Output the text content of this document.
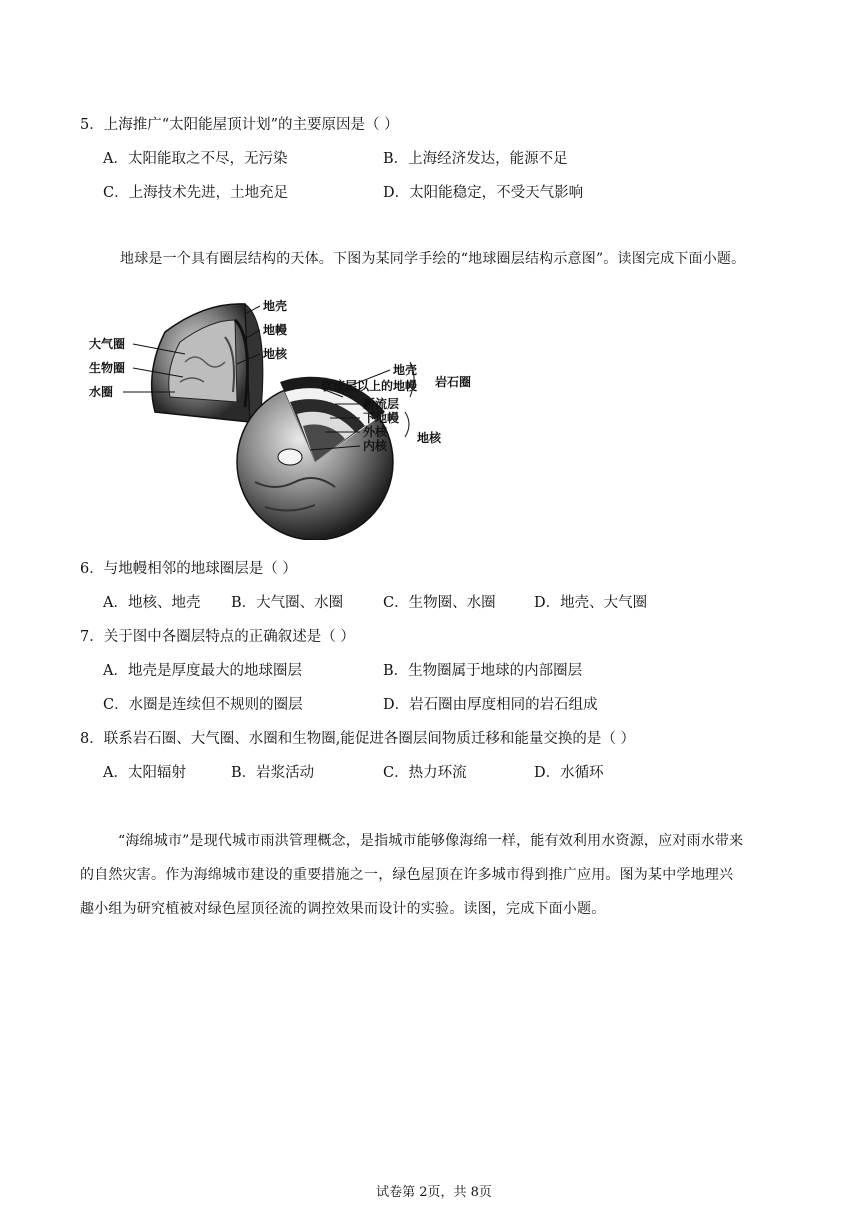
5．上海推广“太阳能屋顶计划”的主要原因是（ ）
A．太阳能取之不尽，无污染	B．上海经济发达，能源不足
C．上海技术先进，土地充足	D．太阳能稳定，不受天气影响
地球是一个具有圈层结构的天体。下图为某同学手绘的“地球圈层结构示意图”。读图完成下面小题。
大气圈
生物圈
水圈
地壳
地幔
地核
地壳
软流层以上的地幔
新流层
下地幔
外核
内核
岩石圈
地核
6．与地幔相邻的地球圈层是（ ）
A．地核、地壳 B．大气圈、水圈	C．生物圈、水圈	D．地壳、大气圈
7．关于图中各圈层特点的正确叙述是（ ）
A．地壳是厚度最大的地球圈层	B．生物圈属于地球的内部圈层
C．水圈是连续但不规则的圈层	D．岩石圈由厚度相同的岩石组成
8．联系岩石圈、大气圈、水圈和生物圈,能促进各圈层间物质迁移和能量交换的是（ ）
A．太阳辐射	B．岩浆活动	C．热力环流	D．水循环
“海绵城市”是现代城市雨洪管理概念，是指城市能够像海绵一样，能有效利用水资源，应对雨水带来
的自然灾害。作为海绵城市建设的重要措施之一，绿色屋顶在许多城市得到推广应用。图为某中学地理兴
趣小组为研究植被对绿色屋顶径流的调控效果而设计的实验。读图，完成下面小题。
试卷第 2页，共 8页
